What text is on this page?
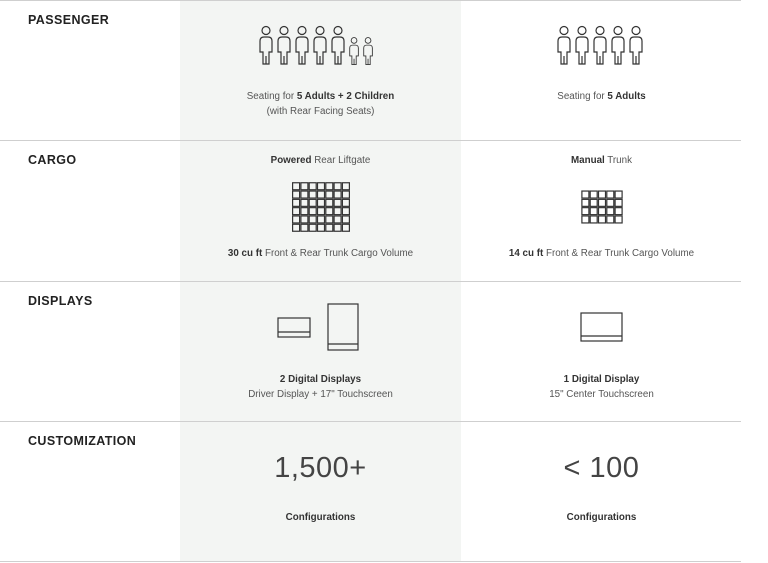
PASSENGER
Seating for 5 Adults + 2 Children
(with Rear Facing Seats)
Seating for 5 Adults
CARGO	Powered Rear Liftgate
30 cu ft Front & Rear Trunk Cargo Volume
Manual Trunk
14 cu ft Front & Rear Trunk Cargo Volume
DISPLAYS
2 Digital Displays
Driver Display + 17" Touchscreen
1 Digital Display
15" Center Touchscreen
CUSTOMIZATION
1,500+
Configurations
< 100
Configurations
